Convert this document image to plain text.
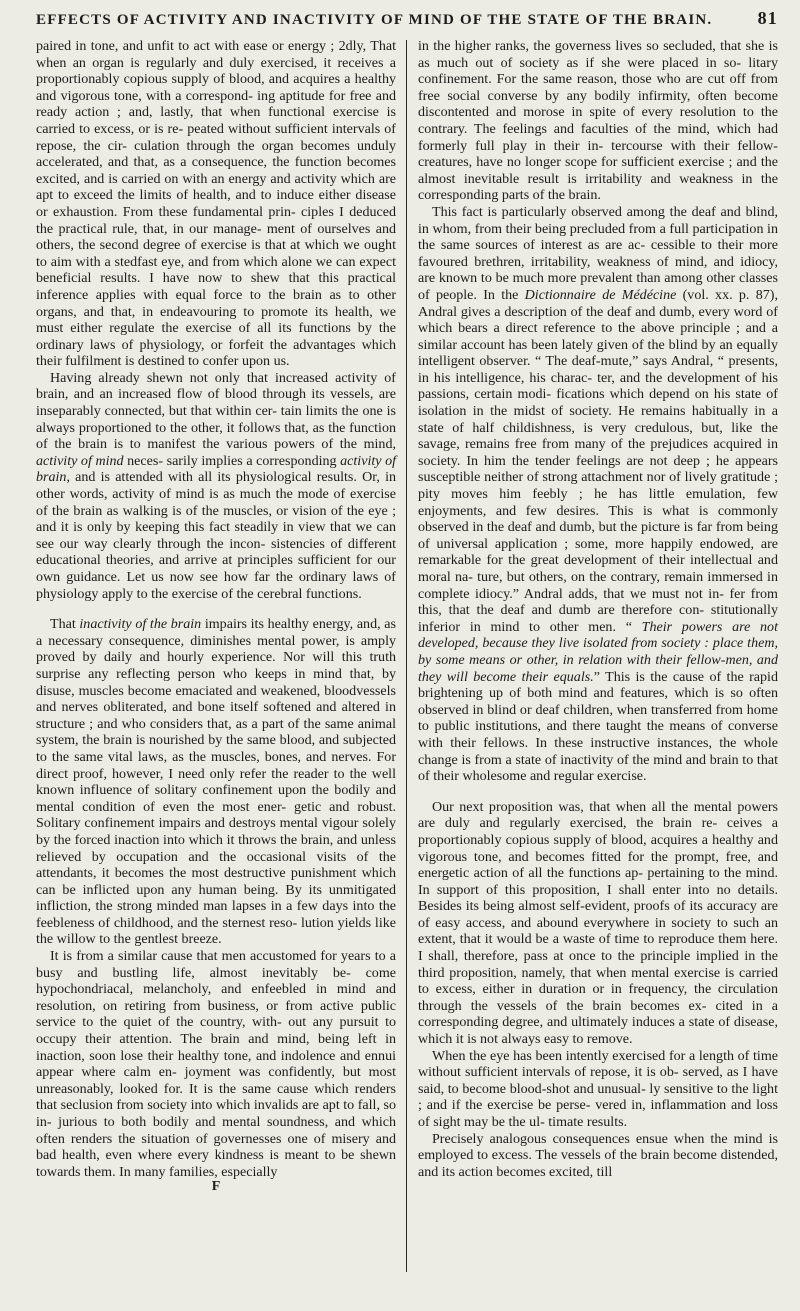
EFFECTS OF ACTIVITY AND INACTIVITY OF MIND OF THE STATE OF THE BRAIN.	81

paired in tone, and unfit to act with ease or energy ; 2dly, That when an organ is regularly and duly exercised, it receives a proportionably copious supply of blood, and acquires a healthy and vigorous tone, with a correspond- ing aptitude for free and ready action ; and, lastly, that when functional exercise is carried to excess, or is re- peated without sufficient intervals of repose, the cir- culation through the organ becomes unduly accelerated, and that, as a consequence, the function becomes excited, and is carried on with an energy and activity which are apt to exceed the limits of health, and to induce either disease or exhaustion. From these fundamental prin- ciples I deduced the practical rule, that, in our manage- ment of ourselves and others, the second degree of exercise is that at which we ought to aim with a stedfast eye, and from which alone we can expect beneficial results. I have now to shew that this practical inference applies with equal force to the brain as to other organs, and that, in endeavouring to promote its health, we must either regulate the exercise of all its functions by the ordinary laws of physiology, or forfeit the advantages which their fulfilment is destined to confer upon us.

Having already shewn not only that increased activity of brain, and an increased flow of blood through its vessels, are inseparably connected, but that within cer- tain limits the one is always proportioned to the other, it follows that, as the function of the brain is to manifest the various powers of the mind, activity of mind neces- sarily implies a corresponding activity of brain, and is attended with all its physiological results. Or, in other words, activity of mind is as much the mode of exercise of the brain as walking is of the muscles, or vision of the eye ; and it is only by keeping this fact steadily in view that we can see our way clearly through the incon- sistencies of different educational theories, and arrive at principles sufficient for our own guidance. Let us now see how far the ordinary laws of physiology apply to the exercise of the cerebral functions.

That inactivity of the brain impairs its healthy energy, and, as a necessary consequence, diminishes mental power, is amply proved by daily and hourly experience. Nor will this truth surprise any reflecting person who keeps in mind that, by disuse, muscles become emaciated and weakened, bloodvessels and nerves obliterated, and bone itself softened and altered in structure ; and who considers that, as a part of the same animal system, the brain is nourished by the same blood, and subjected to the same vital laws, as the muscles, bones, and nerves. For direct proof, however, I need only refer the reader to the well known influence of solitary confinement upon the bodily and mental condition of even the most ener- getic and robust. Solitary confinement impairs and destroys mental vigour solely by the forced inaction into which it throws the brain, and unless relieved by occupation and the occasional visits of the attendants, it becomes the most destructive punishment which can be inflicted upon any human being. By its unmitigated infliction, the strong minded man lapses in a few days into the feebleness of childhood, and the sternest reso- lution yields like the willow to the gentlest breeze.

It is from a similar cause that men accustomed for years to a busy and bustling life, almost inevitably be- come hypochondriacal, melancholy, and enfeebled in mind and resolution, on retiring from business, or from active public service to the quiet of the country, with- out any pursuit to occupy their attention. The brain and mind, being left in inaction, soon lose their healthy tone, and indolence and ennui appear where calm en- joyment was confidently, but most unreasonably, looked for. It is the same cause which renders that seclusion from society into which invalids are apt to fall, so in- jurious to both bodily and mental soundness, and which often renders the situation of governesses one of misery and bad health, even where every kindness is meant to be shewn towards them. In many families, especially

F

in the higher ranks, the governess lives so secluded, that she is as much out of society as if she were placed in so- litary confinement. For the same reason, those who are cut off from free social converse by any bodily infirmity, often become discontented and morose in spite of every resolution to the contrary. The feelings and faculties of the mind, which had formerly full play in their in- tercourse with their fellow-creatures, have no longer scope for sufficient exercise ; and the almost inevitable result is irritability and weakness in the corresponding parts of the brain.

This fact is particularly observed among the deaf and blind, in whom, from their being precluded from a full participation in the same sources of interest as are ac- cessible to their more favoured brethren, irritability, weakness of mind, and idiocy, are known to be much more prevalent than among other classes of people. In the Dictionnaire de Médécine (vol. xx. p. 87), Andral gives a description of the deaf and dumb, every word of which bears a direct reference to the above principle ; and a similar account has been lately given of the blind by an equally intelligent observer. “ The deaf-mute,” says Andral, “ presents, in his intelligence, his charac- ter, and the development of his passions, certain modi- fications which depend on his state of isolation in the midst of society. He remains habitually in a state of half childishness, is very credulous, but, like the savage, remains free from many of the prejudices acquired in society. In him the tender feelings are not deep ; he appears susceptible neither of strong attachment nor of lively gratitude ; pity moves him feebly ; he has little emulation, few enjoyments, and few desires. This is what is commonly observed in the deaf and dumb, but the picture is far from being of universal application ; some, more happily endowed, are remarkable for the great development of their intellectual and moral na- ture, but others, on the contrary, remain immersed in complete idiocy.” Andral adds, that we must not in- fer from this, that the deaf and dumb are therefore con- stitutionally inferior in mind to other men. “ Their powers are not developed, because they live isolated from society : place them, by some means or other, in relation with their fellow-men, and they will become their equals.” This is the cause of the rapid brightening up of both mind and features, which is so often observed in blind or deaf children, when transferred from home to public institutions, and there taught the means of converse with their fellows. In these instructive instances, the whole change is from a state of inactivity of the mind and brain to that of their wholesome and regular exercise.

Our next proposition was, that when all the mental powers are duly and regularly exercised, the brain re- ceives a proportionably copious supply of blood, acquires a healthy and vigorous tone, and becomes fitted for the prompt, free, and energetic action of all the functions ap- pertaining to the mind. In support of this proposition, I shall enter into no details. Besides its being almost self-evident, proofs of its accuracy are of easy access, and abound everywhere in society to such an extent, that it would be a waste of time to reproduce them here. I shall, therefore, pass at once to the principle implied in the third proposition, namely, that when mental exercise is carried to excess, either in duration or in frequency, the circulation through the vessels of the brain becomes ex- cited in a corresponding degree, and ultimately induces a state of disease, which it is not always easy to remove.

When the eye has been intently exercised for a length of time without sufficient intervals of repose, it is ob- served, as I have said, to become blood-shot and unusual- ly sensitive to the light ; and if the exercise be perse- vered in, inflammation and loss of sight may be the ul- timate results.

Precisely analogous consequences ensue when the mind is employed to excess. The vessels of the brain become distended, and its action becomes excited, till
